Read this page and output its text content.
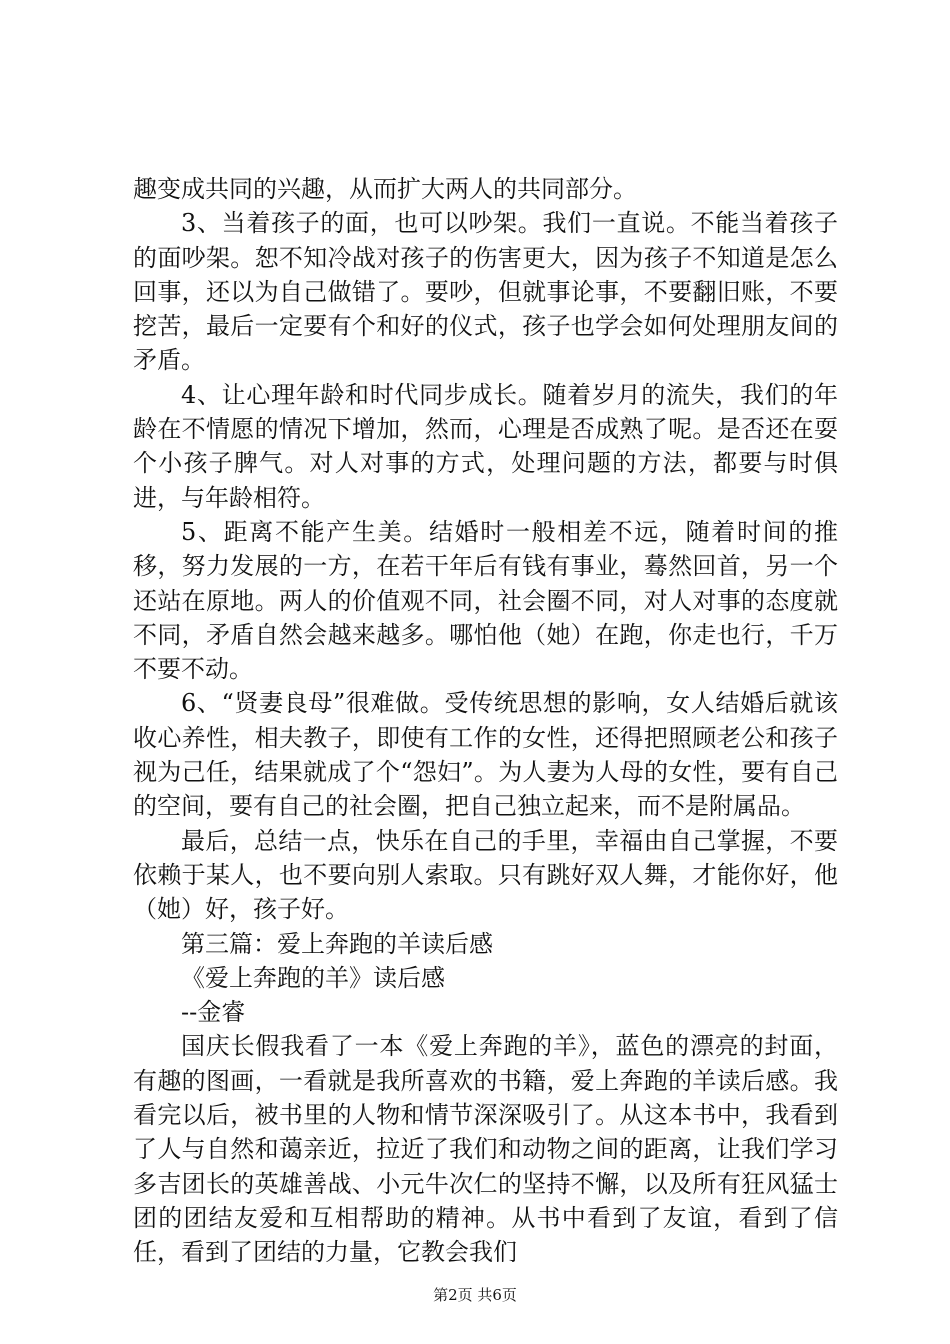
趣变成共同的兴趣，从而扩大两人的共同部分。

3、当着孩子的面，也可以吵架。我们一直说。不能当着孩子的面吵架。恕不知冷战对孩子的伤害更大，因为孩子不知道是怎么回事，还以为自己做错了。要吵，但就事论事，不要翻旧账，不要挖苦，最后一定要有个和好的仪式，孩子也学会如何处理朋友间的矛盾。

4、让心理年龄和时代同步成长。随着岁月的流失，我们的年龄在不情愿的情况下增加，然而，心理是否成熟了呢。是否还在耍个小孩子脾气。对人对事的方式，处理问题的方法，都要与时俱进，与年龄相符。

5、距离不能产生美。结婚时一般相差不远，随着时间的推移，努力发展的一方，在若干年后有钱有事业，蓦然回首，另一个还站在原地。两人的价值观不同，社会圈不同，对人对事的态度就不同，矛盾自然会越来越多。哪怕他（她）在跑，你走也行，千万不要不动。

6、“贤妻良母”很难做。受传统思想的影响，女人结婚后就该收心养性，相夫教子，即使有工作的女性，还得把照顾老公和孩子视为己任，结果就成了个“怨妇”。为人妻为人母的女性，要有自己的空间，要有自己的社会圈，把自己独立起来，而不是附属品。

最后，总结一点，快乐在自己的手里，幸福由自己掌握，不要依赖于某人，也不要向别人索取。只有跳好双人舞，才能你好，他（她）好，孩子好。

第三篇：爱上奔跑的羊读后感

《爱上奔跑的羊》读后感

--金睿

国庆长假我看了一本《爱上奔跑的羊》，蓝色的漂亮的封面，有趣的图画，一看就是我所喜欢的书籍，爱上奔跑的羊读后感。我看完以后，被书里的人物和情节深深吸引了。从这本书中，我看到了人与自然和蔼亲近，拉近了我们和动物之间的距离，让我们学习多吉团长的英雄善战、小元牛次仁的坚持不懈，以及所有狂风猛士团的团结友爱和互相帮助的精神。从书中看到了友谊，看到了信任，看到了团结的力量，它教会我们

第2页 共6页
